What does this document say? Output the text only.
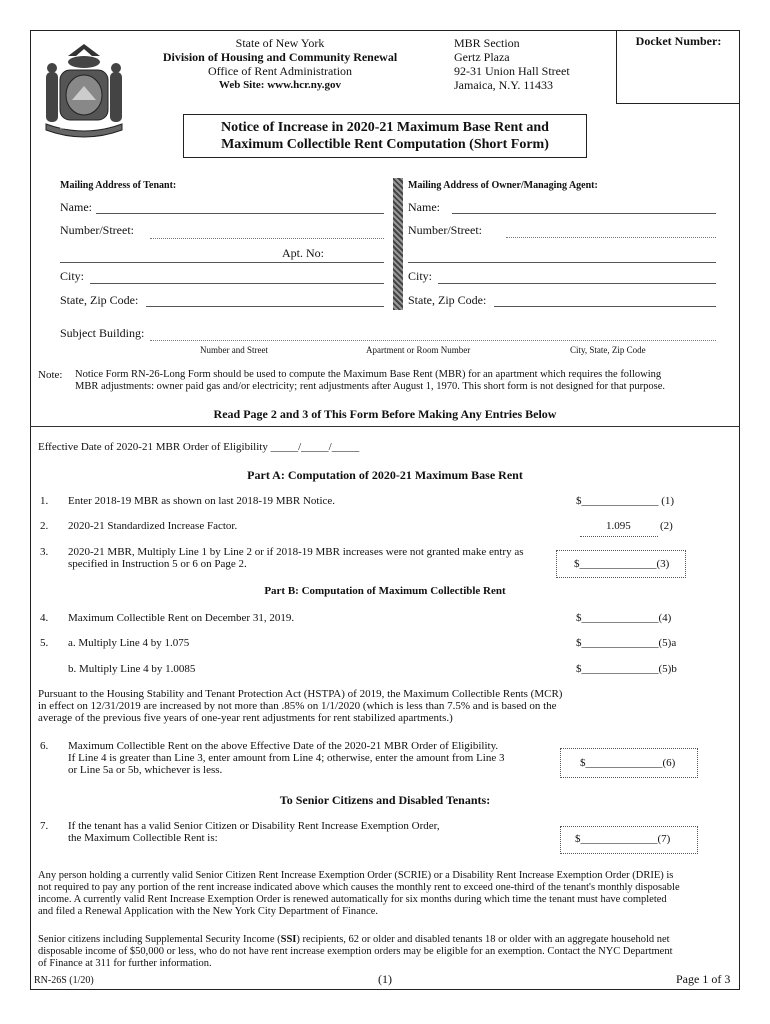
EXCELSIOR
State of New York
Division of Housing and Community Renewal
Office of Rent Administration
Web Site: www.hcr.ny.gov
MBR Section
Gertz Plaza
92-31 Union Hall Street
Jamaica, N.Y. 11433
Docket Number:
Notice of Increase in 2020-21 Maximum Base Rent and
Maximum Collectible Rent Computation (Short Form)
Mailing Address of Tenant:
Name:
Number/Street:
Apt. No:
City:
State, Zip Code:
Mailing Address of Owner/Managing Agent:
Name:
Number/Street:
City:
State, Zip Code:
Subject Building:
Number and Street	Apartment or Room Number	City, State, Zip Code
Note: Notice Form RN-26-Long Form should be used to compute the Maximum Base Rent (MBR) for an apartment which requires the following
MBR adjustments: owner paid gas and/or electricity; rent adjustments after August 1, 1970. This short form is not designed for that purpose.
Read Page 2 and 3 of This Form Before Making Any Entries Below
Effective Date of 2020-21 MBR Order of Eligibility _____/_____/_____
Part A: Computation of 2020-21 Maximum Base Rent
1. Enter 2018-19 MBR as shown on last 2018-19 MBR Notice.	$______________ (1)
2. 2020-21 Standardized Increase Factor.	1.095	(2)
3. 2020-21 MBR, Multiply Line 1 by Line 2 or if 2018-19 MBR increases were not granted make entry as
specified in Instruction 5 or 6 on Page 2.	$______________(3)
Part B: Computation of Maximum Collectible Rent
4. Maximum Collectible Rent on December 31, 2019.	$______________(4)
5. a. Multiply Line 4 by 1.075	$______________(5)a
b. Multiply Line 4 by 1.0085	$______________(5)b
Pursuant to the Housing Stability and Tenant Protection Act (HSTPA) of 2019, the Maximum Collectible Rents (MCR)
in effect on 12/31/2019 are increased by not more than .85% on 1/1/2020 (which is less than 7.5% and is based on the
average of the previous five years of one-year rent adjustments for rent stabilized apartments.)
6. Maximum Collectible Rent on the above Effective Date of the 2020-21 MBR Order of Eligibility.
If Line 4 is greater than Line 3, enter amount from Line 4; otherwise, enter the amount from Line 3
or Line 5a or 5b, whichever is less.
$______________(6)
To Senior Citizens and Disabled Tenants:
7. If the tenant has a valid Senior Citizen or Disability Rent Increase Exemption Order,
the Maximum Collectible Rent is:	$______________(7)
Any person holding a currently valid Senior Citizen Rent Increase Exemption Order (SCRIE) or a Disability Rent Increase Exemption Order (DRIE) is
not required to pay any portion of the rent increase indicated above which causes the monthly rent to exceed one-third of the tenant's monthly disposable
income. A currently valid Rent Increase Exemption Order is renewed automatically for six months during which time the tenant must have completed
and filed a Renewal Application with the New York City Department of Finance.
Senior citizens including Supplemental Security Income (SSI) recipients, 62 or older and disabled tenants 18 or older with an aggregate household net
disposable income of $50,000 or less, who do not have rent increase exemption orders may be eligible for an exemption. Contact the NYC Department
of Finance at 311 for further information.
RN-26S (1/20)	(1)	Page 1 of 3
